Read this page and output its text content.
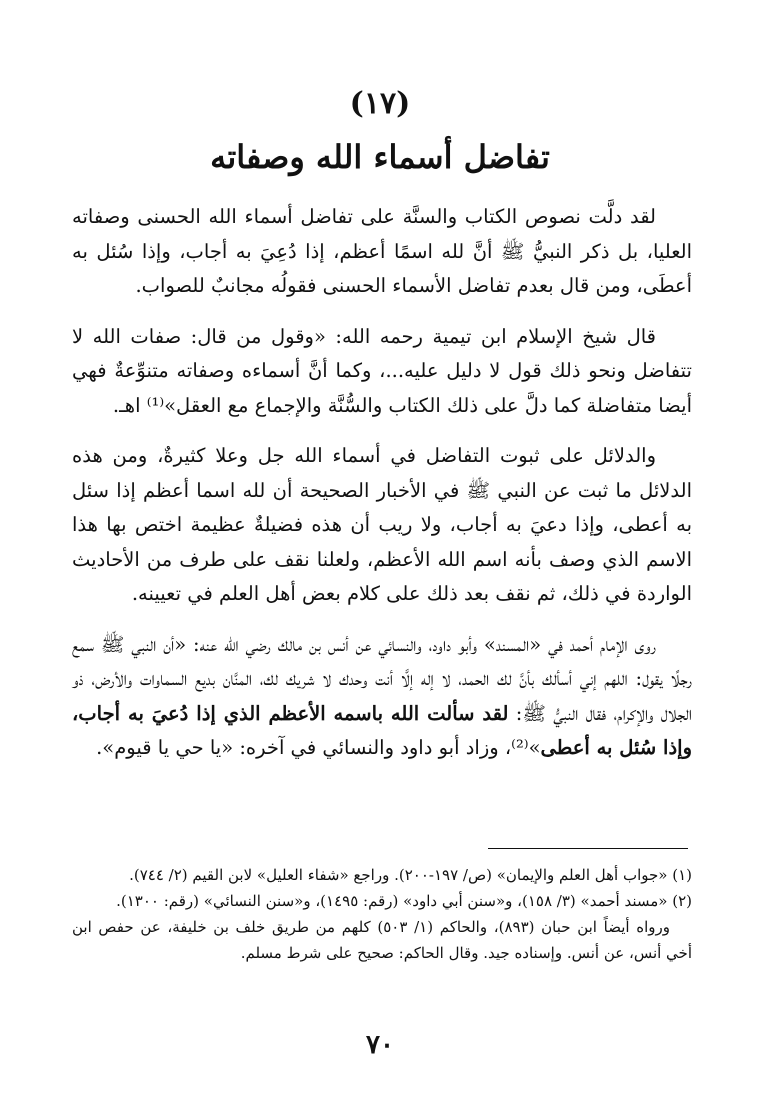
(١٧)
تفاضل أسماء الله وصفاته

لقد دلَّت نصوص الكتاب والسنَّة على تفاضل أسماء الله الحسنى وصفاته العليا، بل ذكر النبيُّ ﷺ أنَّ لله اسمًا أعظم، إذا دُعِيَ به أجاب، وإذا سُئل به أعطَى، ومن قال بعدم تفاضل الأسماء الحسنى فقولُه مجانبٌ للصواب.

قال شيخ الإسلام ابن تيمية رحمه الله: «وقول من قال: صفات الله لا تتفاضل ونحو ذلك قول لا دليل عليه...، وكما أنَّ أسماءه وصفاته متنوِّعةٌ فهي أيضا متفاضلة كما دلَّ على ذلك الكتاب والسُّنَّة والإجماع مع العقل»⁽¹⁾ اهـ.

والدلائل على ثبوت التفاضل في أسماء الله جل وعلا كثيرةٌ، ومن هذه الدلائل ما ثبت عن النبي ﷺ في الأخبار الصحيحة أن لله اسما أعظم إذا سئل به أعطى، وإذا دعيَ به أجاب، ولا ريب أن هذه فضيلةٌ عظيمة اختص بها هذا الاسم الذي وصف بأنه اسم الله الأعظم، ولعلنا نقف على طرف من الأحاديث الواردة في ذلك، ثم نقف بعد ذلك على كلام بعض أهل العلم في تعيينه.

روى الإمام أحمد في «المسند» وأبو داود، والنسائي عن أنس بن مالك رضي الله عنه: «أن النبي ﷺ سمع رجلًا يقول: اللهم إني أسألك بأنَّ لك الحمد، لا إله إلَّا أنت وحدك لا شريك لك، المنَّان بديع السماوات والأرض، ذو الجلال والإكرام، فقال النبيُّ ﷺ: لقد سألت الله باسمه الأعظم الذي إذا دُعيَ به أجاب، وإذا سُئل به أعطى»⁽²⁾، وزاد أبو داود والنسائي في آخره: «يا حي يا قيوم».

(١) «جواب أهل العلم والإيمان» (ص/ ١٩٧-٢٠٠). وراجع «شفاء العليل» لابن القيم (٢/ ٧٤٤).

(٢) «مسند أحمد» (٣/ ١٥٨)، و«سنن أبي داود» (رقم: ١٤٩٥)، و«سنن النسائي» (رقم: ١٣٠٠).

ورواه أيضاً ابن حبان (٨٩٣)، والحاكم (١/ ٥٠٣) كلهم من طريق خلف بن خليفة، عن حفص ابن أخي أنس، عن أنس. وإسناده جيد. وقال الحاكم: صحيح على شرط مسلم.

٧٠
